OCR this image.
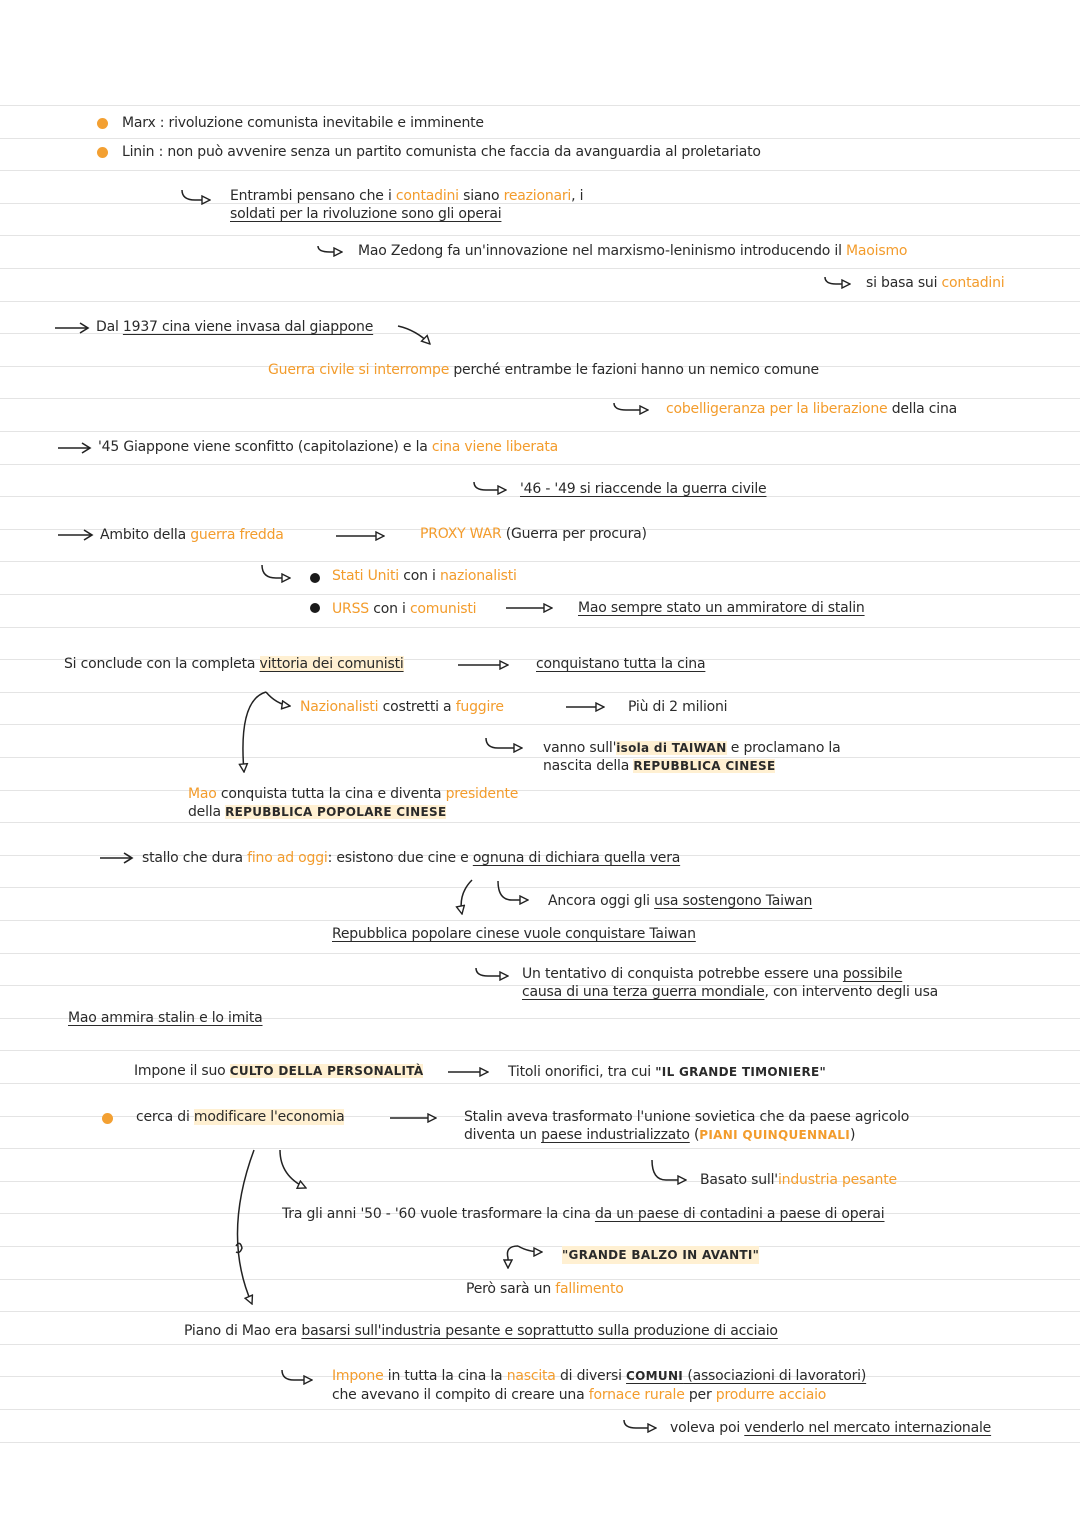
Marx : rivoluzione comunista inevitabile e imminente
Linin : non può avvenire senza un partito comunista che faccia da avanguardia al proletariato
Entrambi pensano che i contadini siano reazionari, i
soldati per la rivoluzione sono gli operai
Mao Zedong fa un'innovazione nel marxismo-leninismo introducendo il Maoismo
si basa sui contadini
Dal 1937 cina viene invasa dal giappone
Guerra civile si interrompe perché entrambe le fazioni hanno un nemico comune
cobelligeranza per la liberazione della cina
'45 Giappone viene sconfitto (capitolazione) e la cina viene liberata
'46 - '49 si riaccende la guerra civile
Ambito della guerra fredda	PROXY WAR (Guerra per procura)
Stati Uniti con i nazionalisti
URSS con i comunisti	Mao sempre stato un ammiratore di stalin
Si conclude con la completa vittoria dei comunisti	conquistano tutta la cina
Nazionalisti costretti a fuggire	Più di 2 milioni
vanno sull'isola di TAIWAN e proclamano la
nascita della REPUBBLICA CINESE
Mao conquista tutta la cina e diventa presidente
della REPUBBLICA POPOLARE CINESE
stallo che dura fino ad oggi: esistono due cine e ognuna di dichiara quella vera
Ancora oggi gli usa sostengono Taiwan
Repubblica popolare cinese vuole conquistare Taiwan
Un tentativo di conquista potrebbe essere una possibile
causa di una terza guerra mondiale, con intervento degli usa
Mao ammira stalin e lo imita
Impone il suo CULTO DELLA PERSONALITÀ	Titoli onorifici, tra cui "IL GRANDE TIMONIERE"
cerca di modificare l'economia	Stalin aveva trasformato l'unione sovietica che da paese agricolo
diventa un paese industrializzato (PIANI QUINQUENNALI)
Basato sull'industria pesante
Tra gli anni '50 - '60 vuole trasformare la cina da un paese di contadini a paese di operai
"GRANDE BALZO IN AVANTI"
Però sarà un fallimento
Piano di Mao era basarsi sull'industria pesante e soprattutto sulla produzione di acciaio
Impone in tutta la cina la nascita di diversi COMUNI (associazioni di lavoratori)
che avevano il compito di creare una fornace rurale per produrre acciaio
voleva poi venderlo nel mercato internazionale
